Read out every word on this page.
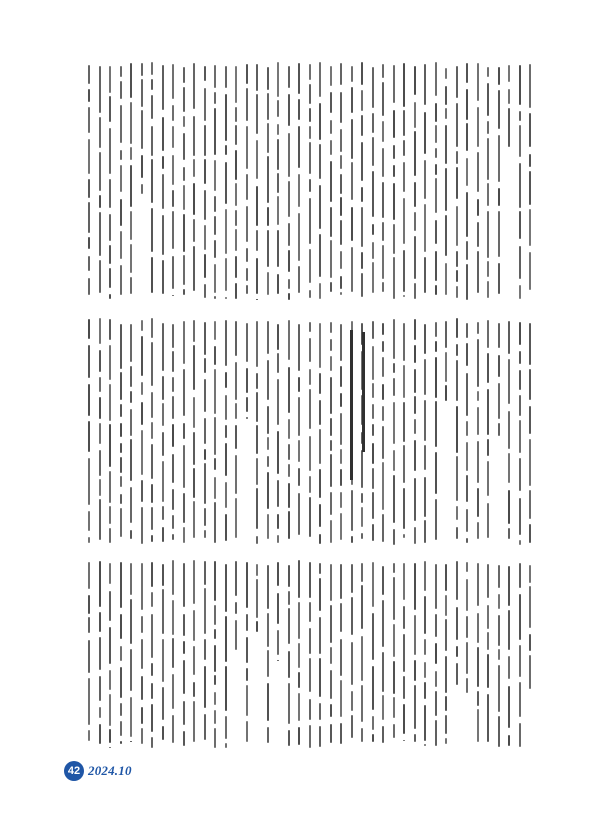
42 2024.10
